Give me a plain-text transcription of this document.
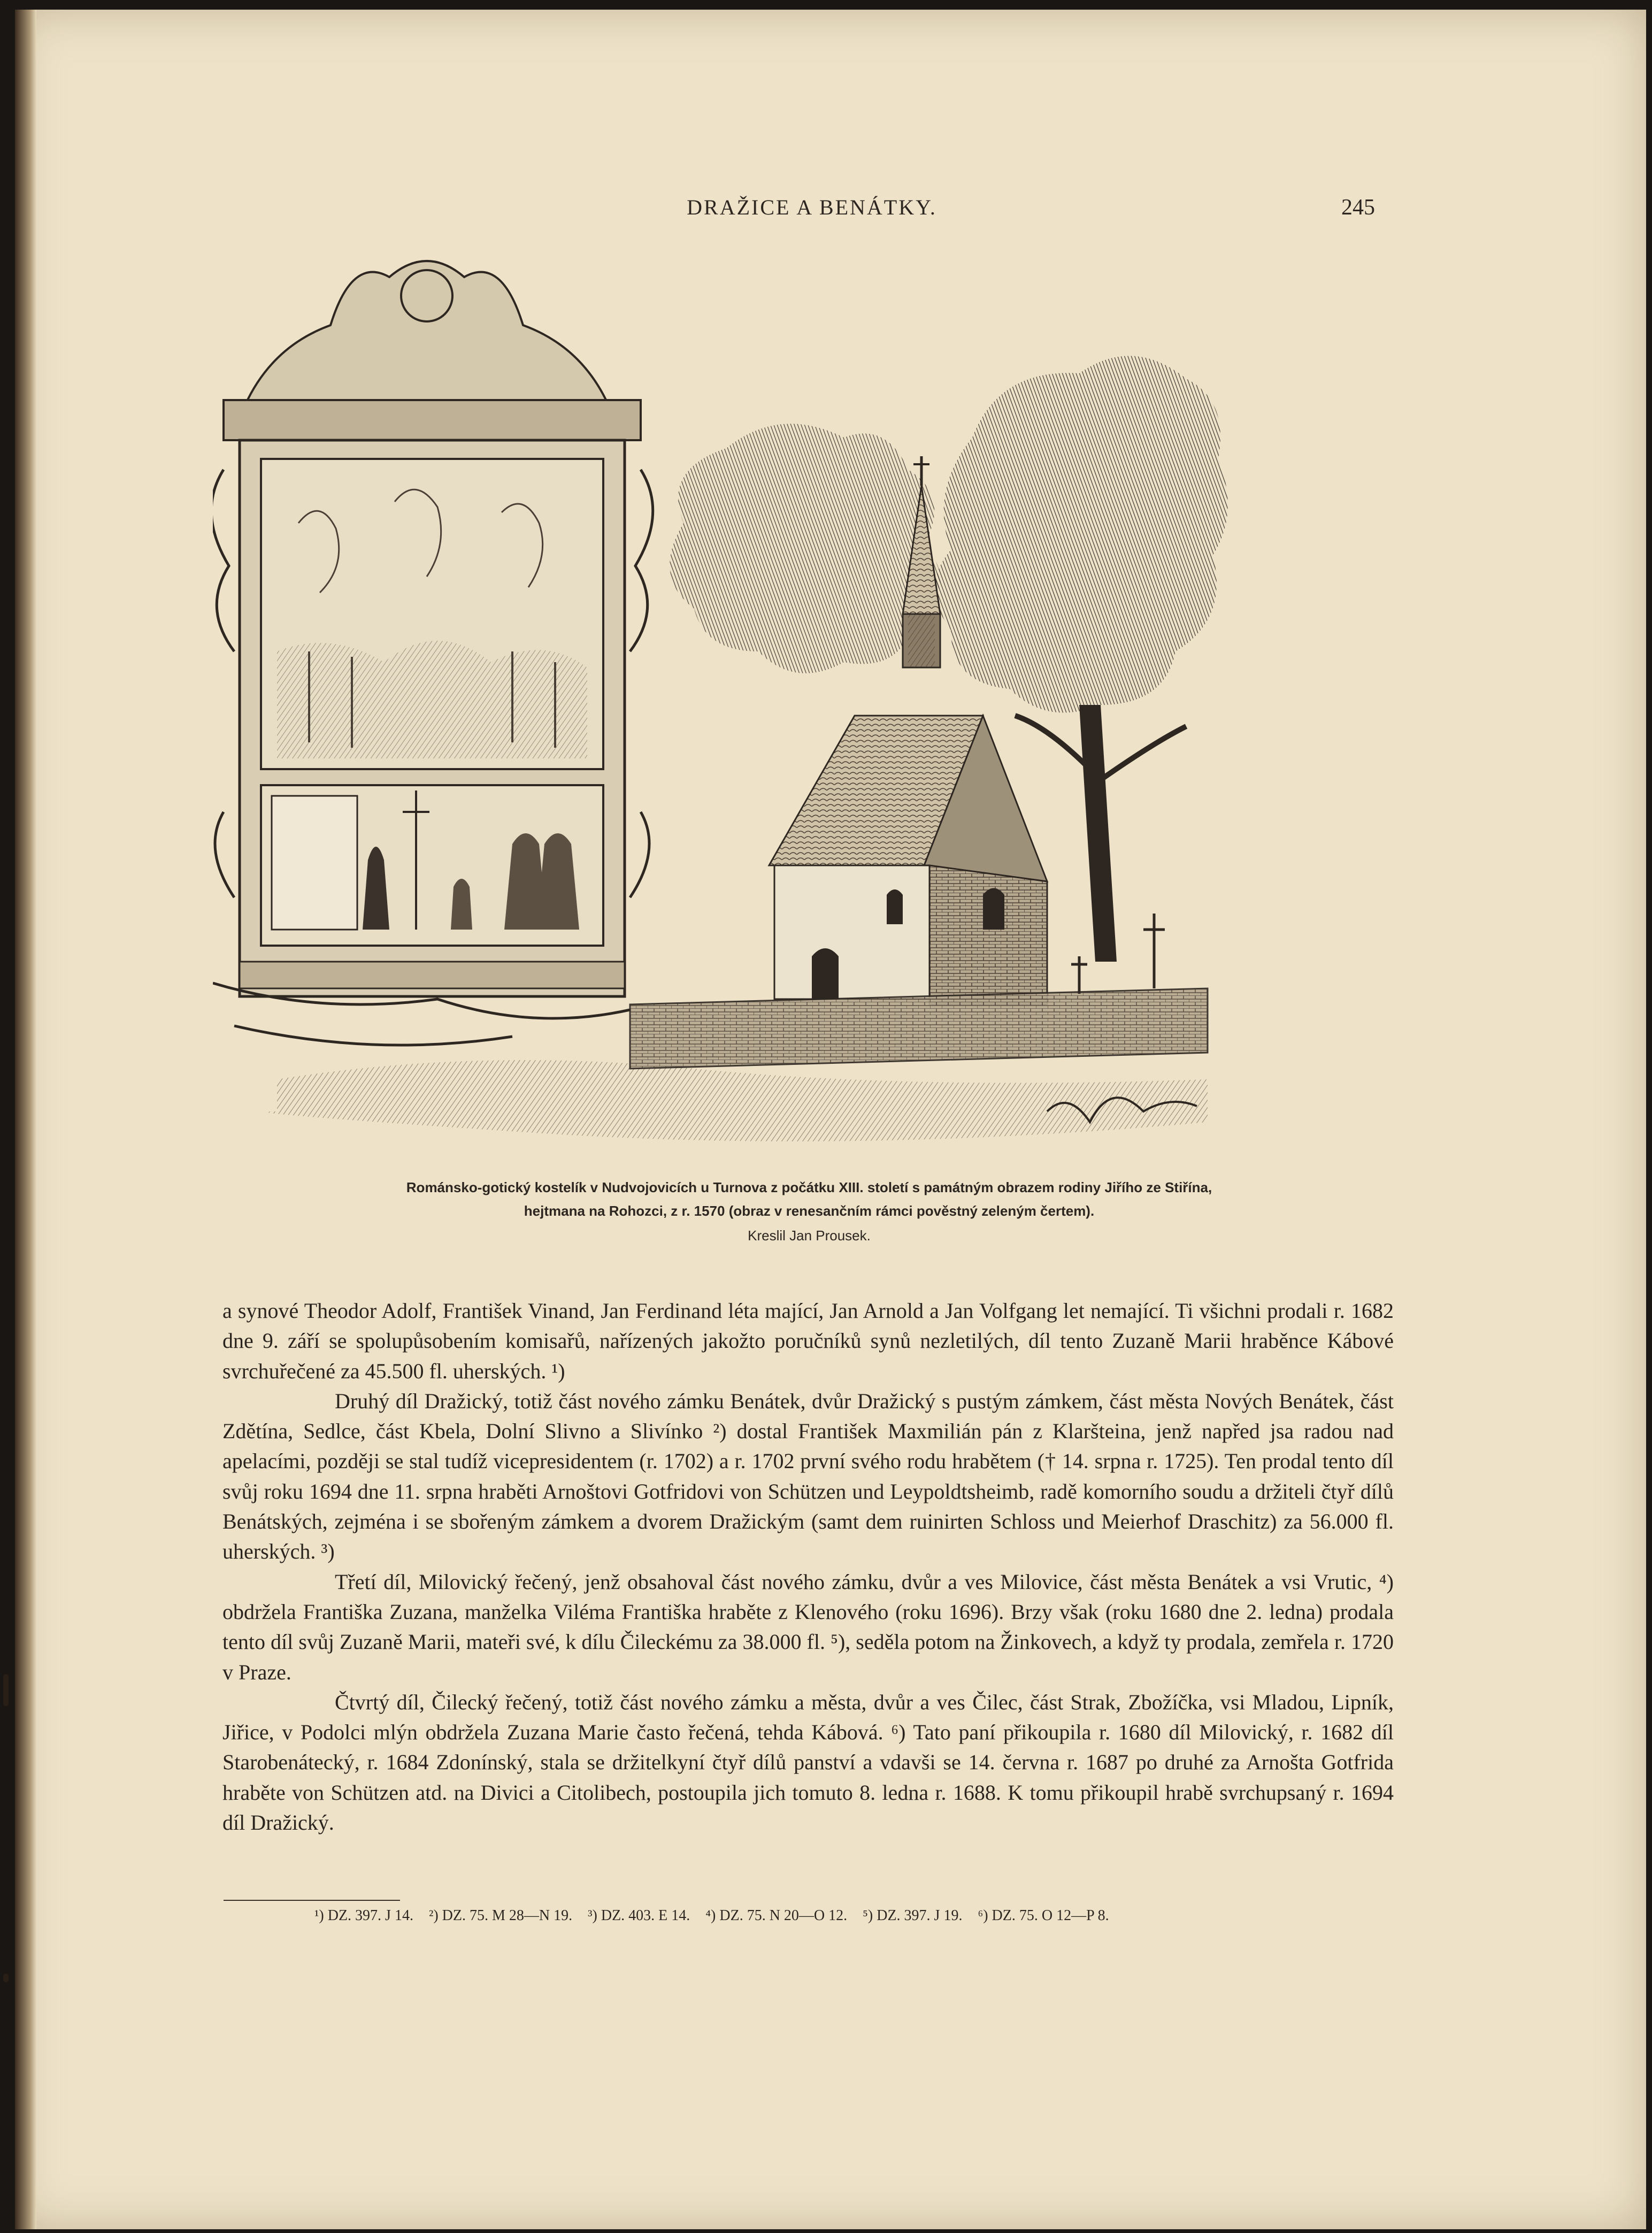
DRAŽICE A BENÁTKY.	245

Románsko-gotický kostelík v Nudvojovicích u Turnova z počátku XIII. století s památným obrazem rodiny Jiřího ze Stiřína,

hejtmana na Rohozci, z r. 1570 (obraz v renesančním rámci pověstný zeleným čertem).

Kreslil Jan Prousek.

a synové Theodor Adolf, František Vinand, Jan Ferdinand léta mající, Jan Arnold a Jan Volfgang let nemající. Ti všichni prodali r. 1682 dne 9. září se spolupůsobením komisařů, nařízených jakožto poručníků synů nezletilých, díl tento Zuzaně Marii hraběnce Kábové svrchuřečené za 45.500 fl. uherských. ¹)

Druhý díl Dražický, totiž část nového zámku Benátek, dvůr Dražický s pustým zámkem, část města Nových Benátek, část Zdětína, Sedlce, část Kbela, Dolní Slivno a Slivínko ²) dostal František Maxmilián pán z Klaršteina, jenž napřed jsa radou nad apelacími, později se stal tudíž vicepresidentem (r. 1702) a r. 1702 první svého rodu hrabětem († 14. srpna r. 1725). Ten prodal tento díl svůj roku 1694 dne 11. srpna hraběti Arnoštovi Gotfridovi von Schützen und Leypoldtsheimb, radě komorního soudu a držiteli čtyř dílů Benátských, zejména i se sbořeným zámkem a dvorem Dražickým (samt dem ruinirten Schloss und Meierhof Draschitz) za 56.000 fl. uherských. ³)

Třetí díl, Milovický řečený, jenž obsahoval část nového zámku, dvůr a ves Milovice, část města Benátek a vsi Vrutic, ⁴) obdržela Františka Zuzana, manželka Viléma Františka hraběte z Klenového (roku 1696). Brzy však (roku 1680 dne 2. ledna) prodala tento díl svůj Zuzaně Marii, mateři své, k dílu Čileckému za 38.000 fl. ⁵), seděla potom na Žinkovech, a když ty prodala, zemřela r. 1720 v Praze.

Čtvrtý díl, Čilecký řečený, totiž část nového zámku a města, dvůr a ves Čilec, část Strak, Zbožíčka, vsi Mladou, Lipník, Jiřice, v Podolci mlýn obdržela Zuzana Marie často řečená, tehda Kábová. ⁶) Tato paní přikoupila r. 1680 díl Milovický, r. 1682 díl Starobenátecký, r. 1684 Zdonínský, stala se držitelkyní čtyř dílů panství a vdavši se 14. června r. 1687 po druhé za Arnošta Gotfrida hraběte von Schützen atd. na Divici a Citolibech, postoupila jich tomuto 8. ledna r. 1688. K tomu přikoupil hrabě svrchupsaný r. 1694 díl Dražický.

¹) DZ. 397. J 14. ²) DZ. 75. M 28—N 19. ³) DZ. 403. E 14. ⁴) DZ. 75. N 20—O 12. ⁵) DZ. 397. J 19. ⁶) DZ. 75. O 12—P 8.
